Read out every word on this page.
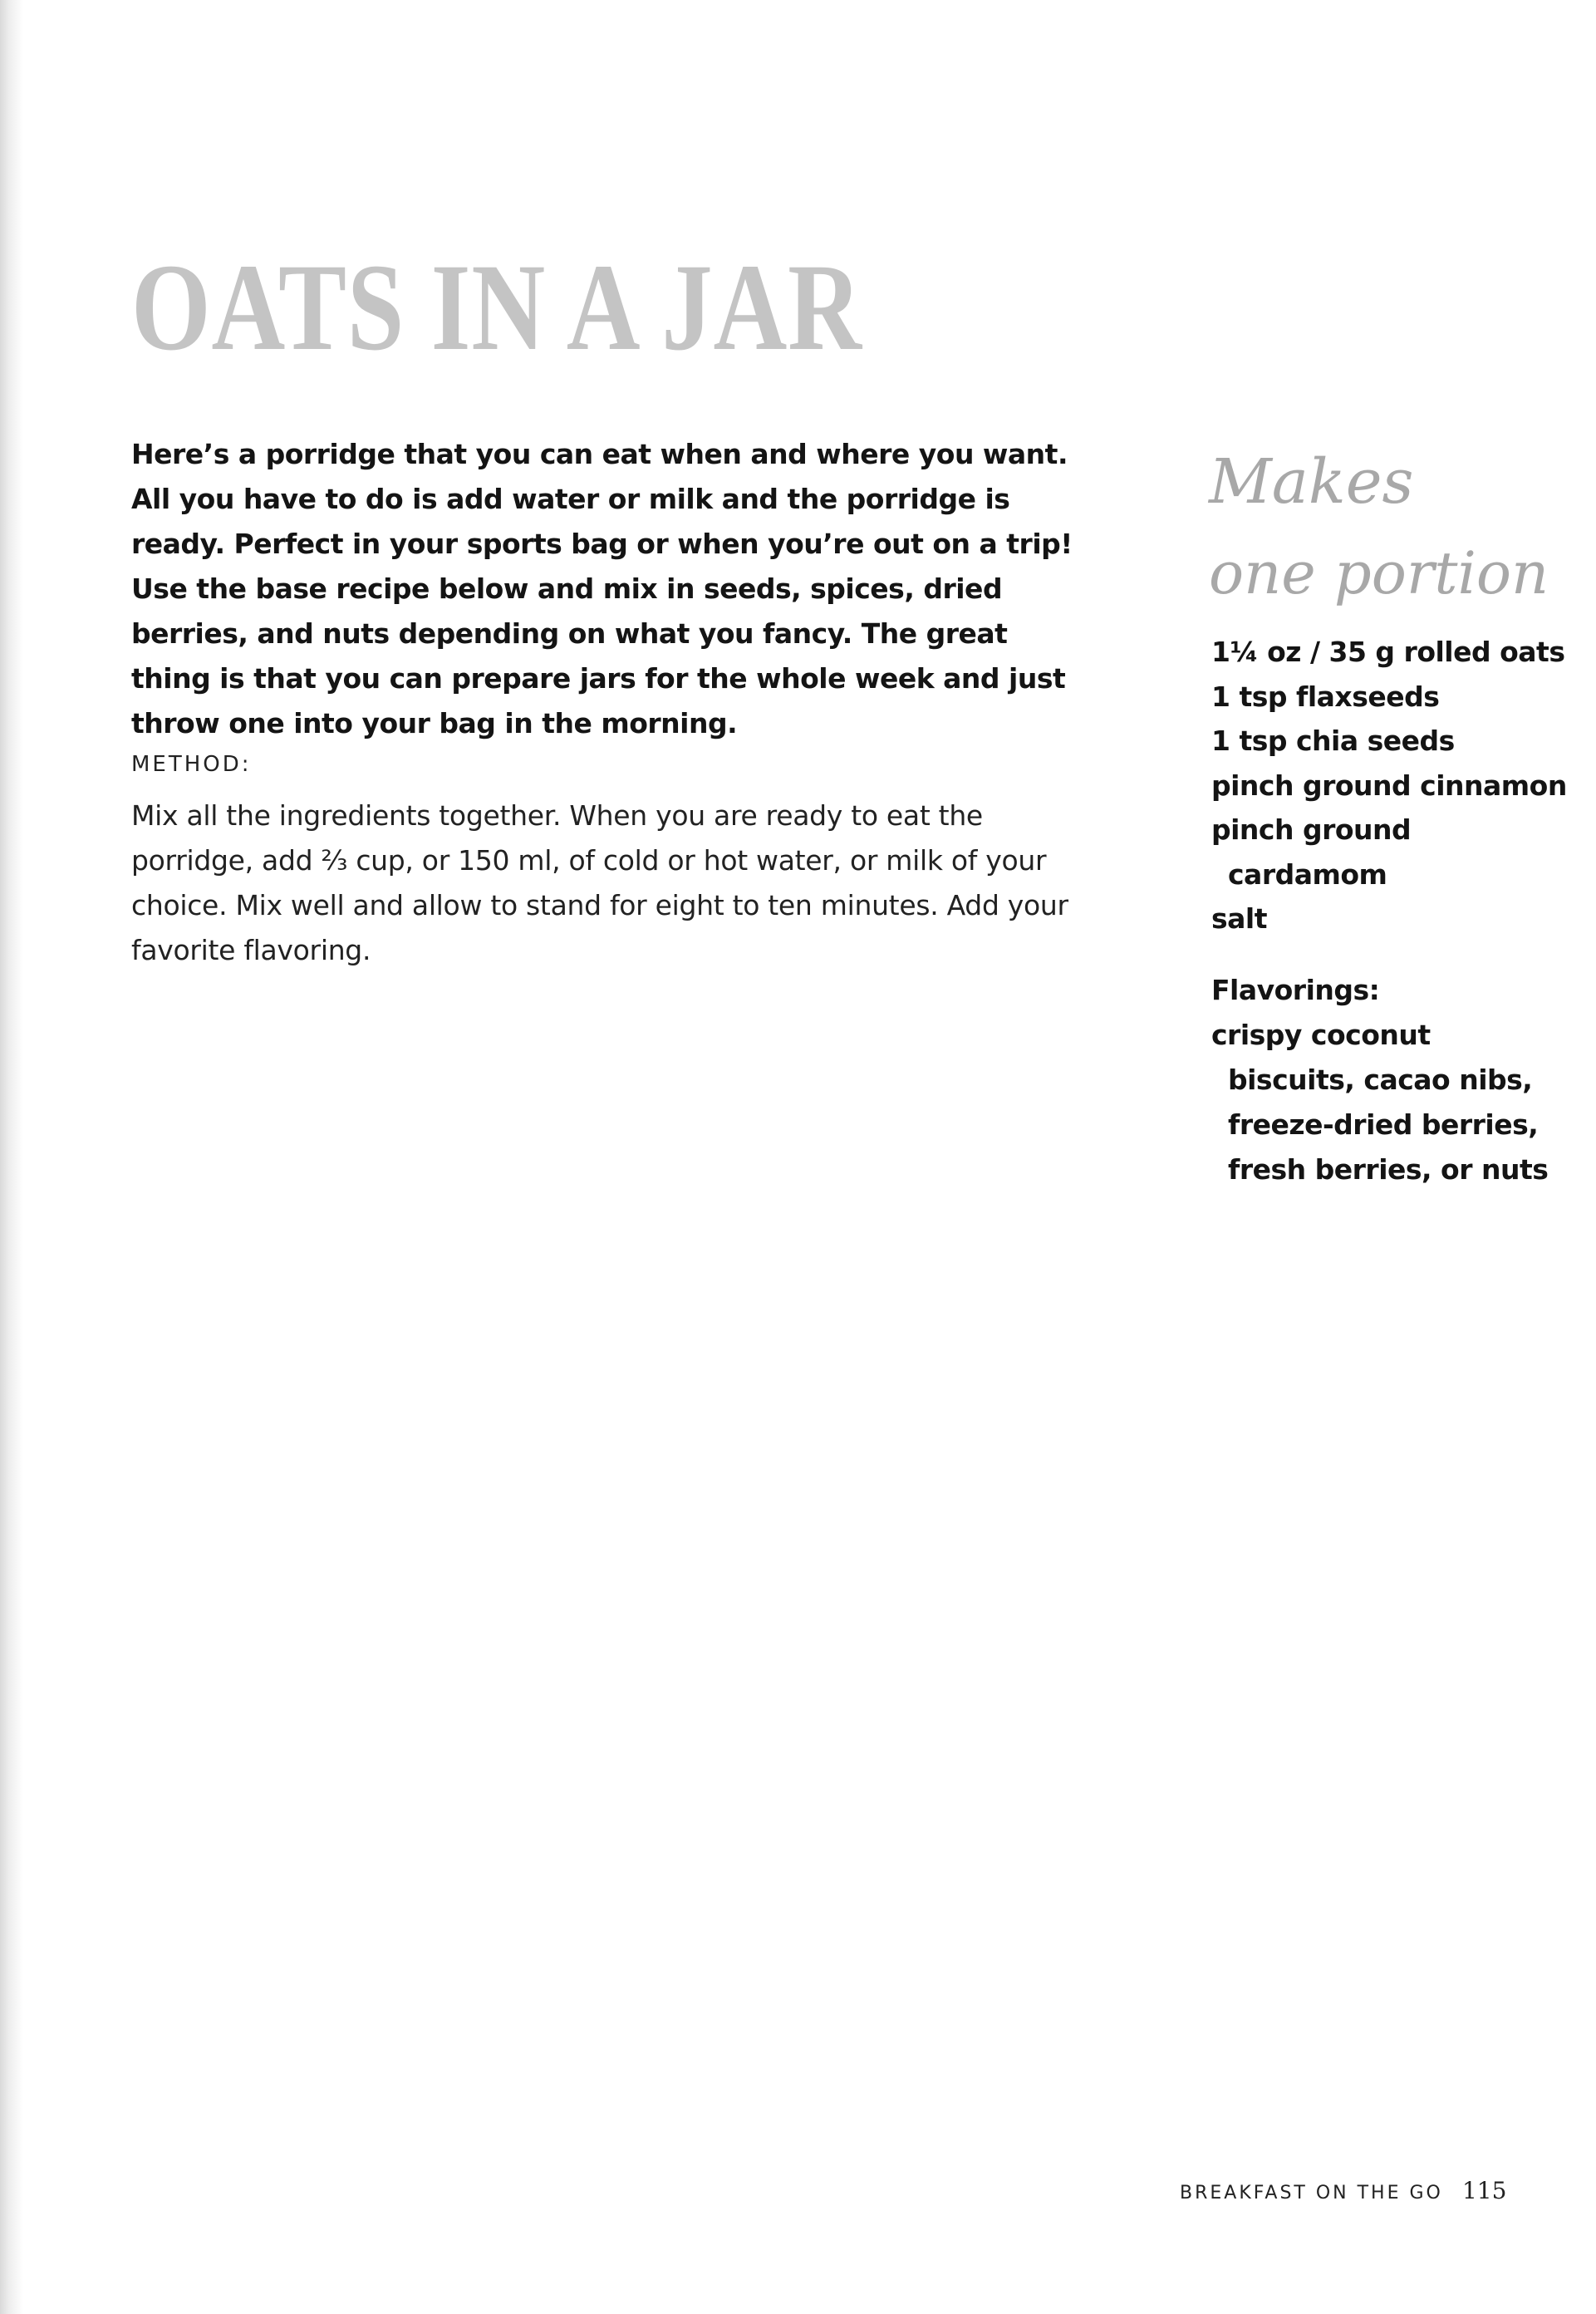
OATS IN A JAR

Here’s a porridge that you can eat when and where you want. All you have to do is add water or milk and the porridge is ready. Perfect in your sports bag or when you’re out on a trip! Use the base recipe below and mix in seeds, spices, dried berries, and nuts depending on what you fancy. The great thing is that you can prepare jars for the whole week and just throw one into your bag in the morning.

METHOD:

Mix all the ingredients together. When you are ready to eat the porridge, add ⅔ cup, or 150 ml, of cold or hot water, or milk of your choice. Mix well and allow to stand for eight to ten minutes. Add your favorite flavoring.

Makes
one portion
1¼ oz / 35 g rolled oats
1 tsp flaxseeds
1 tsp chia seeds
pinch ground cinnamon
pinch ground cardamom
salt

Flavorings:

crispy coconut biscuits, cacao nibs, freeze-dried berries, fresh berries, or nuts

BREAKFAST ON THE GO 115
